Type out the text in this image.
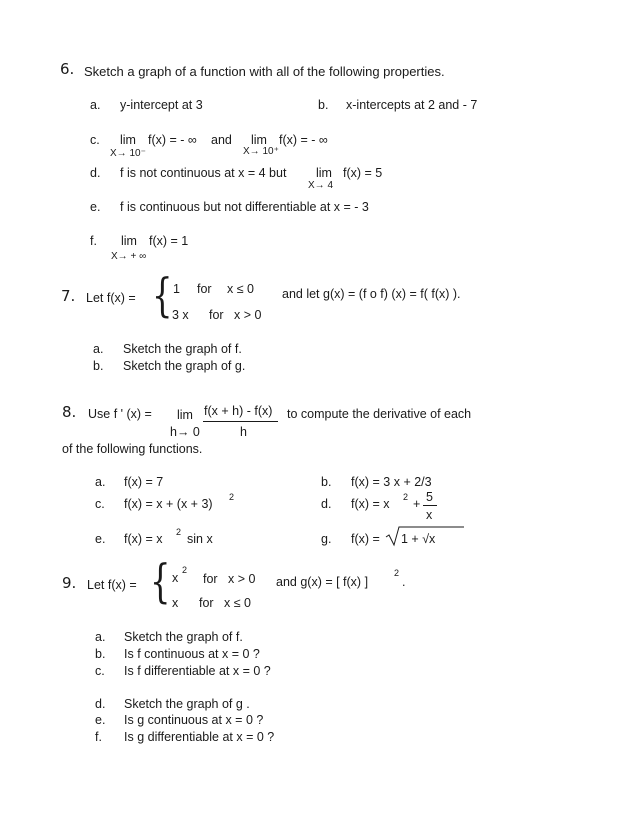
6. Sketch a graph of a function with all of the following properties.
a. y-intercept at 3	b. x-intercepts at 2 and - 7
c. lim f(x) = - ∞ and lim f(x) = - ∞
X→ 10⁻	X→ 10⁺
d. f is not continuous at x = 4 but lim f(x) = 5
X→ 4
e. f is continuous but not differentiable at x = - 3
f. lim f(x) = 1
X→ + ∞
7. Let f(x) = { 1 for x ≤ 0
3 x for x > 0
and let g(x) = (f o f) (x) = f( f(x) ).
a. Sketch the graph of f.
b. Sketch the graph of g.
8. Use f ' (x) = lim f(x + h) - f(x)
h
h→ 0
to compute the derivative of each
of the following functions.
a. f(x) = 7	b. f(x) = 3 x + 2/3
c. f(x) = x + (x + 3) 2	d. f(x) = x 2 + 5
x
e. f(x) = x 2 sin x	g. f(x) = 1 + √x
9. Let f(x) = { x
2
for x > 0
x for x ≤ 0
and g(x) = [ f(x) ]
2
.
a. Sketch the graph of f.
b. Is f continuous at x = 0 ?
c. Is f differentiable at x = 0 ?
d. Sketch the graph of g .
e. Is g continuous at x = 0 ?
f. Is g differentiable at x = 0 ?
